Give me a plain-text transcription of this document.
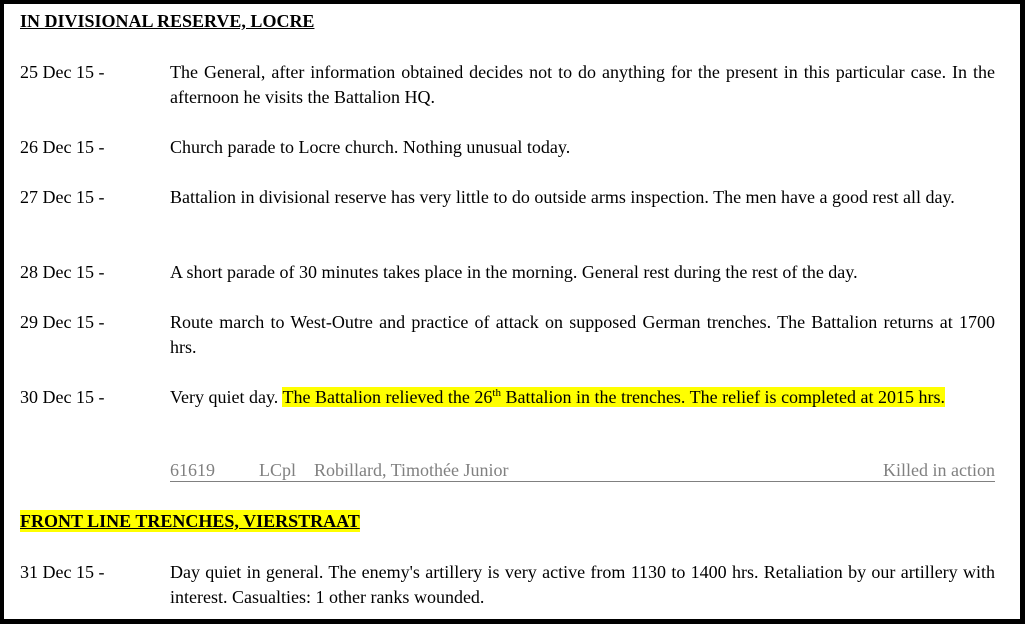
IN DIVISIONAL RESERVE, LOCRE
25 Dec 15 -	The General, after information obtained decides not to do anything for the present in this particular case. In the afternoon he visits the Battalion HQ.
26 Dec 15 -	Church parade to Locre church. Nothing unusual today.
27 Dec 15 -	Battalion in divisional reserve has very little to do outside arms inspection. The men have a good rest all day.
28 Dec 15 -	A short parade of 30 minutes takes place in the morning. General rest during the rest of the day.
29 Dec 15 -	Route march to West-Outre and practice of attack on supposed German trenches. The Battalion returns at 1700 hrs.
30 Dec 15 -	Very quiet day. The Battalion relieved the 26th Battalion in the trenches. The relief is completed at 2015 hrs.
61619 LCpl Robillard, Timothée Junior	Killed in action
FRONT LINE TRENCHES, VIERSTRAAT
31 Dec 15 -	Day quiet in general. The enemy's artillery is very active from 1130 to 1400 hrs. Retaliation by our artillery with interest. Casualties: 1 other ranks wounded.
